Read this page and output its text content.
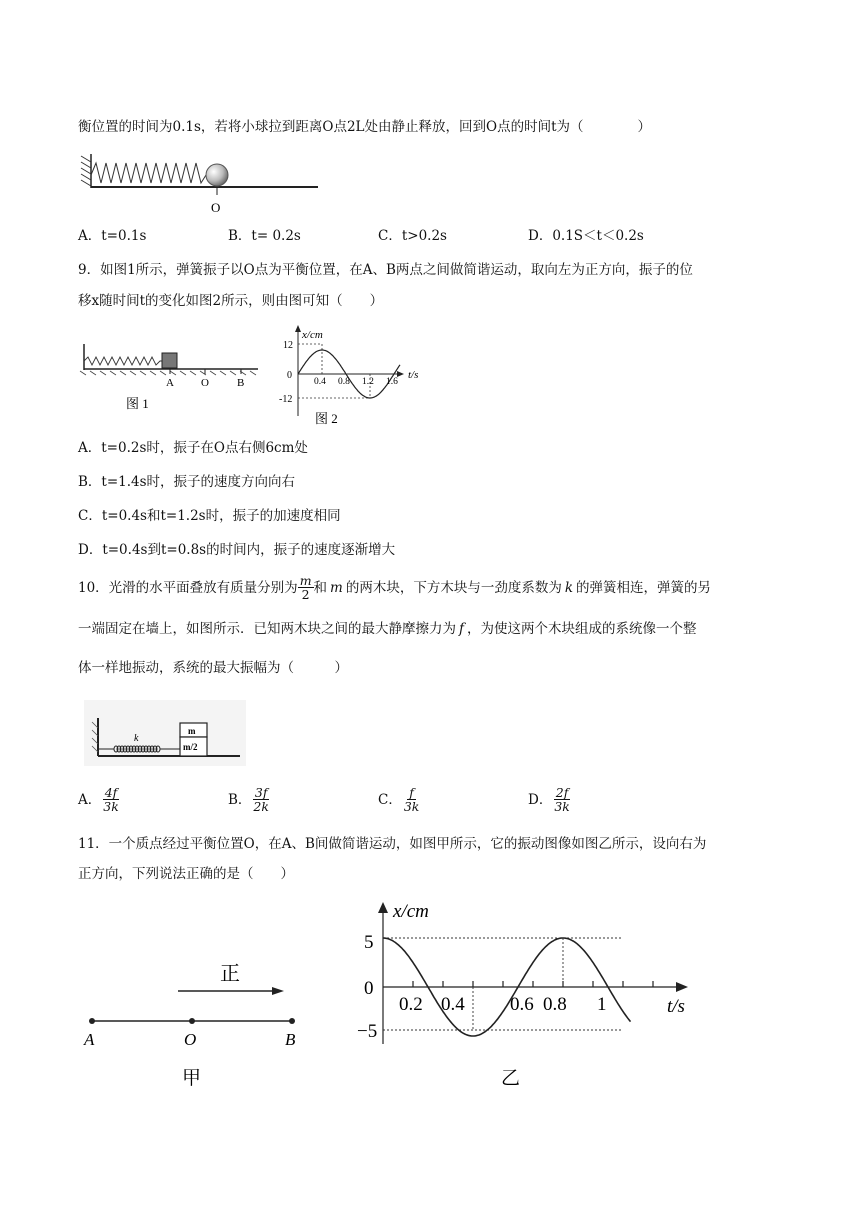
衡位置的时间为0.1s，若将小球拉到距离O点2L处由静止释放，回到O点的时间t为（　　　　）
O
A．t=0.1s	B．t= 0.2s	C．t>0.2s	D．0.1S＜t＜0.2s
9．如图1所示，弹簧振子以O点为平衡位置，在A、B两点之间做简谐运动，取向左为正方向，振子的位
移x随时间t的变化如图2所示，则由图可知（　　）
A O	B
图 1
x/cm
t/s
12
0
-12
0.4 0.8 1.2 1.6
图 2
A．t=0.2s时，振子在O点右侧6cm处
B．t=1.4s时，振子的速度方向向右
C．t=0.4s和t=1.2s时，振子的加速度相同
D．t=0.4s到t=0.8s的时间内，振子的速度逐渐增大
10．光滑的水平面叠放有质量分别为 $\frac{m}{2}$ 和 m 的两木块，下方木块与一劲度系数为 k 的弹簧相连，弹簧的另
一端固定在墙上，如图所示．已知两木块之间的最大静摩擦力为 f ，为使这两个木块组成的系统像一个整
体一样地振动，系统的最大振幅为（　　　）
k
m
m/2
A． $\frac{4f}{3k}$	B． $\frac{3f}{2k}$	C． $\frac{f}{3k}$	D． $\frac{2f}{3k}$
11．一个质点经过平衡位置O，在A、B间做简谐运动，如图甲所示，它的振动图像如图乙所示，设向右为
正方向，下列说法正确的是（　　）
正
A	O	B
甲
x/cm
t/s
5
0
−5
0.2 0.4 0.6 0.8 1
乙
